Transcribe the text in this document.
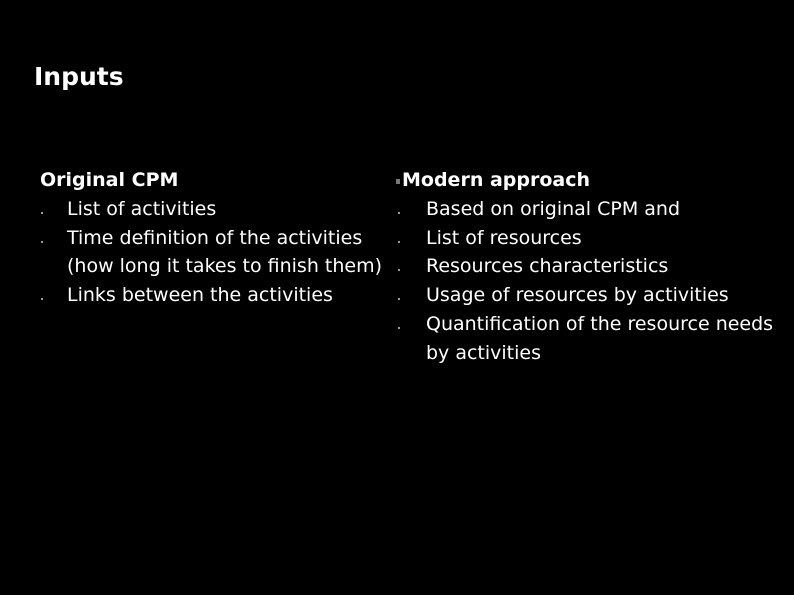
Inputs
Original CPM
List of activities
Time definition of the activities (how long it takes to finish them)
Links between the activities
Modern approach
Based on original CPM and
List of resources
Resources characteristics
Usage of resources by activities
Quantification of the resource needs by activities
